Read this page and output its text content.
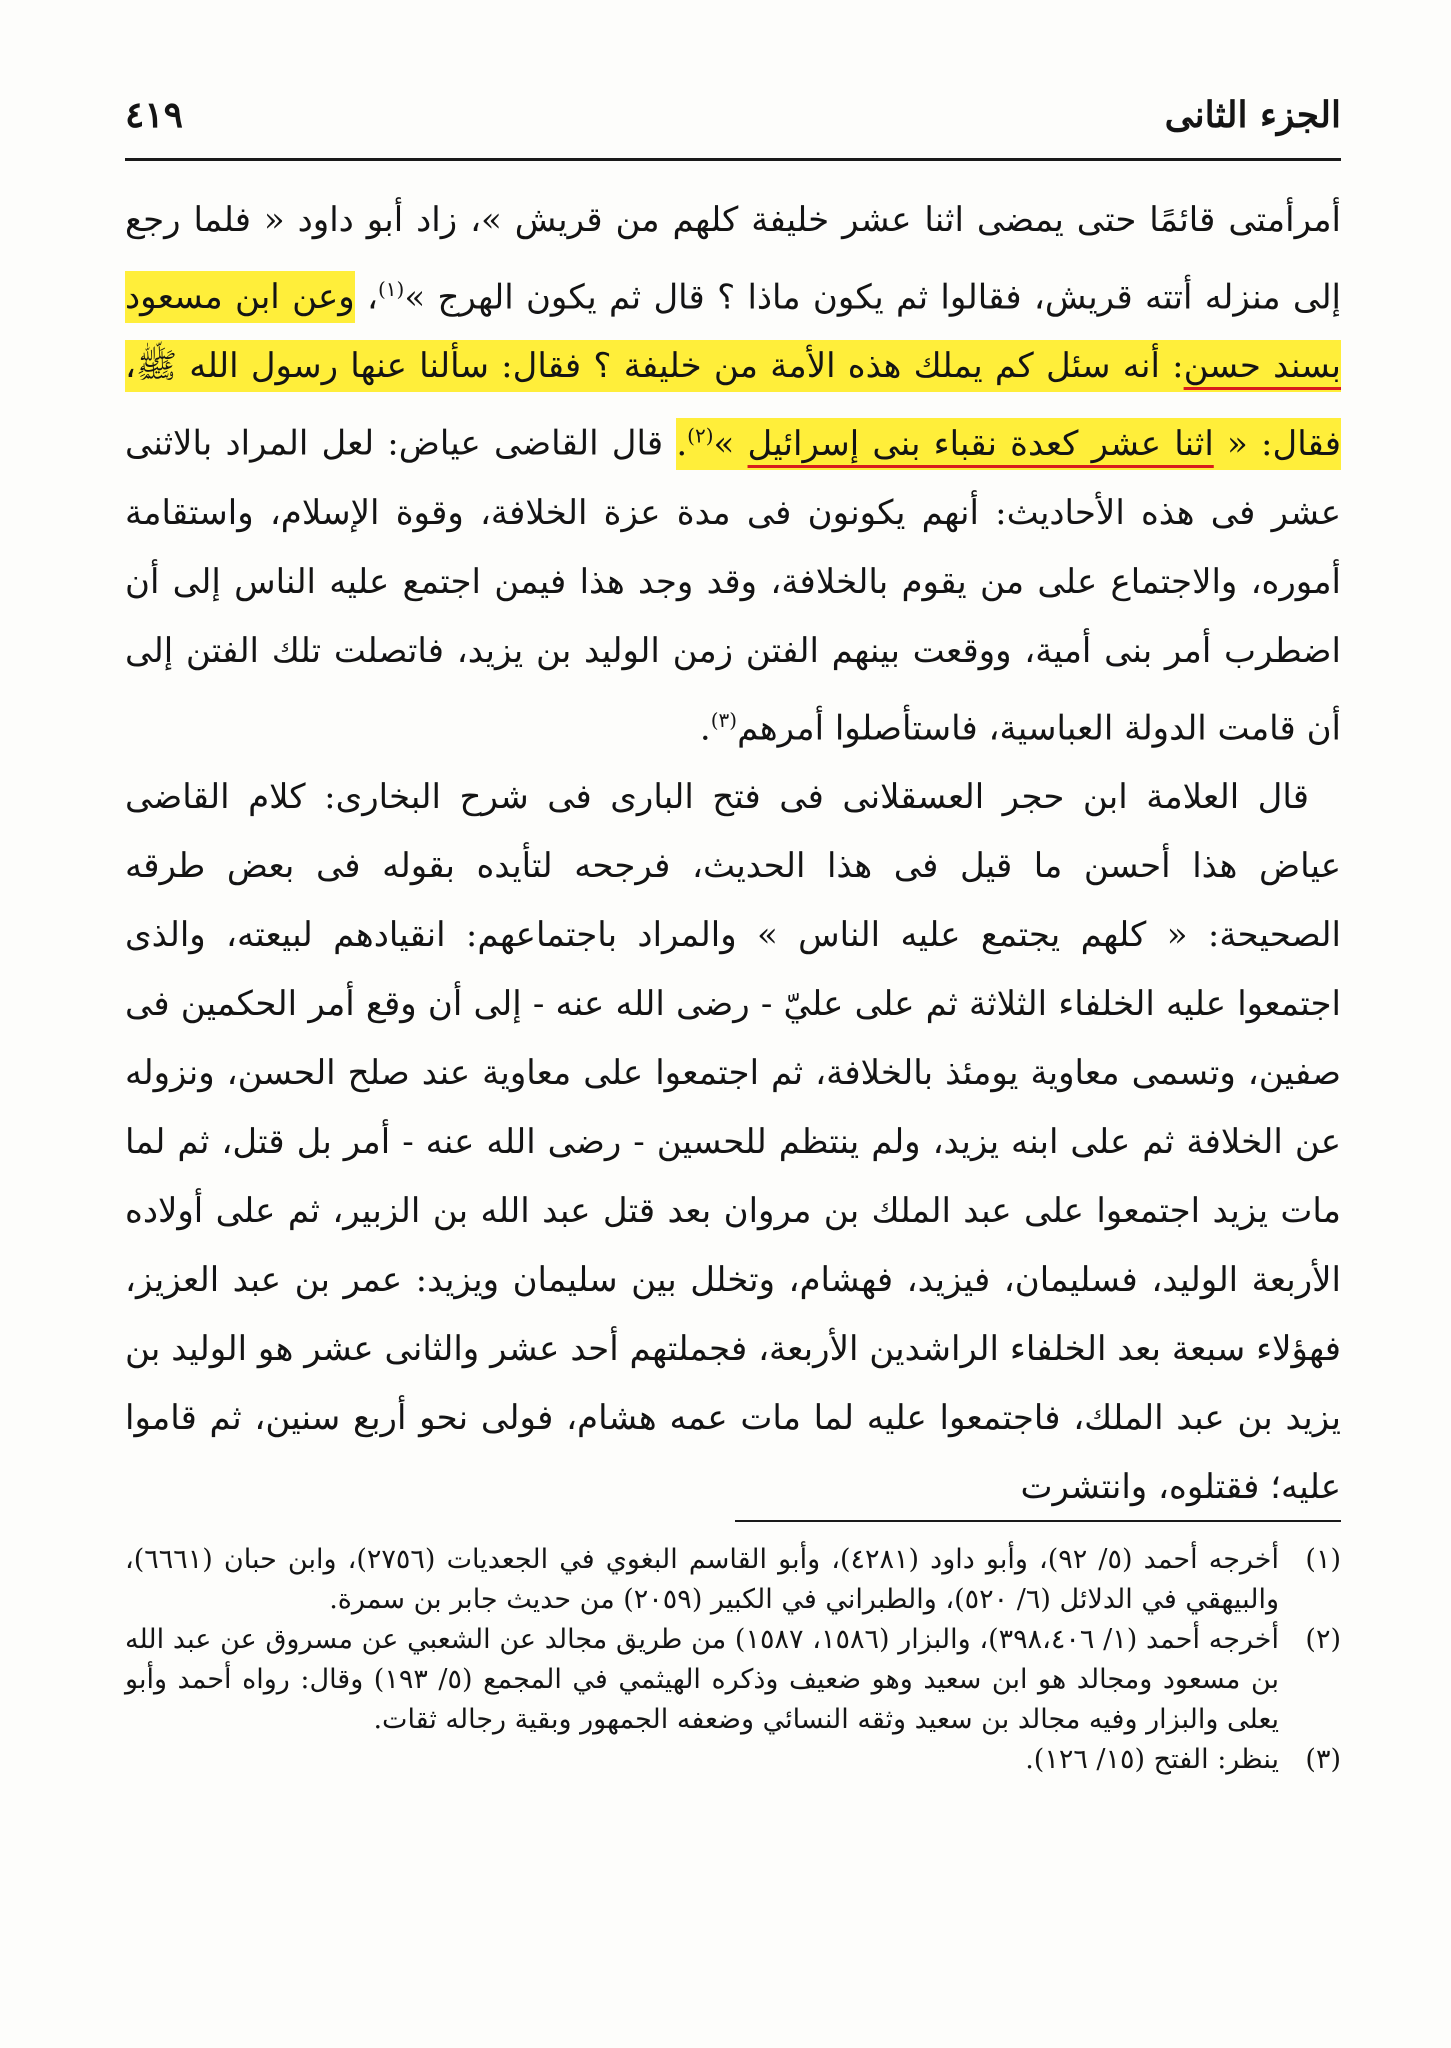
الجزء الثانى
٤١٩

أمرأمتى قائمًا حتى يمضى اثنا عشر خليفة كلهم من قريش »، زاد أبو داود « فلما رجع إلى منزله أتته قريش، فقالوا ثم يكون ماذا ؟ قال ثم يكون الهرج »$^{(١)}$، وعن ابن مسعود بسند حسن: أنه سئل كم يملك هذه الأمة من خليفة ؟ فقال: سألنا عنها رسول الله ﷺ، فقال: « اثنا عشر كعدة نقباء بنى إسرائيل »$^{(٢)}$. قال القاضى عياض: لعل المراد بالاثنى عشر فى هذه الأحاديث: أنهم يكونون فى مدة عزة الخلافة، وقوة الإسلام، واستقامة أموره، والاجتماع على من يقوم بالخلافة، وقد وجد هذا فيمن اجتمع عليه الناس إلى أن اضطرب أمر بنى أمية، ووقعت بينهم الفتن زمن الوليد بن يزيد، فاتصلت تلك الفتن إلى أن قامت الدولة العباسية، فاستأصلوا أمرهم$^{(٣)}$.

قال العلامة ابن حجر العسقلانى فى فتح البارى فى شرح البخارى: كلام القاضى عياض هذا أحسن ما قيل فى هذا الحديث، فرجحه لتأيده بقوله فى بعض طرقه الصحيحة: « كلهم يجتمع عليه الناس » والمراد باجتماعهم: انقيادهم لبيعته، والذى اجتمعوا عليه الخلفاء الثلاثة ثم على عليّ - رضى الله عنه - إلى أن وقع أمر الحكمين فى صفين، وتسمى معاوية يومئذ بالخلافة، ثم اجتمعوا على معاوية عند صلح الحسن، ونزوله عن الخلافة ثم على ابنه يزيد، ولم ينتظم للحسين - رضى الله عنه - أمر بل قتل، ثم لما مات يزيد اجتمعوا على عبد الملك بن مروان بعد قتل عبد الله بن الزبير، ثم على أولاده الأربعة الوليد، فسليمان، فيزيد، فهشام، وتخلل بين سليمان ويزيد: عمر بن عبد العزيز، فهؤلاء سبعة بعد الخلفاء الراشدين الأربعة، فجملتهم أحد عشر والثانى عشر هو الوليد بن يزيد بن عبد الملك، فاجتمعوا عليه لما مات عمه هشام، فولى نحو أربع سنين، ثم قاموا عليه؛ فقتلوه، وانتشرت

(١)
أخرجه أحمد (٥/ ٩٢)، وأبو داود (٤٢٨١)، وأبو القاسم البغوي في الجعديات (٢٧٥٦)، وابن حبان (٦٦٦١)، والبيهقي في الدلائل (٦/ ٥٢٠)، والطبراني في الكبير (٢٠٥٩) من حديث جابر بن سمرة.
(٢)
أخرجه أحمد (١/ ٣٩٨،٤٠٦)، والبزار (١٥٨٦، ١٥٨٧) من طريق مجالد عن الشعبي عن مسروق عن عبد الله بن مسعود ومجالد هو ابن سعيد وهو ضعيف وذكره الهيثمي في المجمع (٥/ ١٩٣) وقال: رواه أحمد وأبو يعلى والبزار وفيه مجالد بن سعيد وثقه النسائي وضعفه الجمهور وبقية رجاله ثقات.
(٣)
ينظر: الفتح (١٥/ ١٢٦).
